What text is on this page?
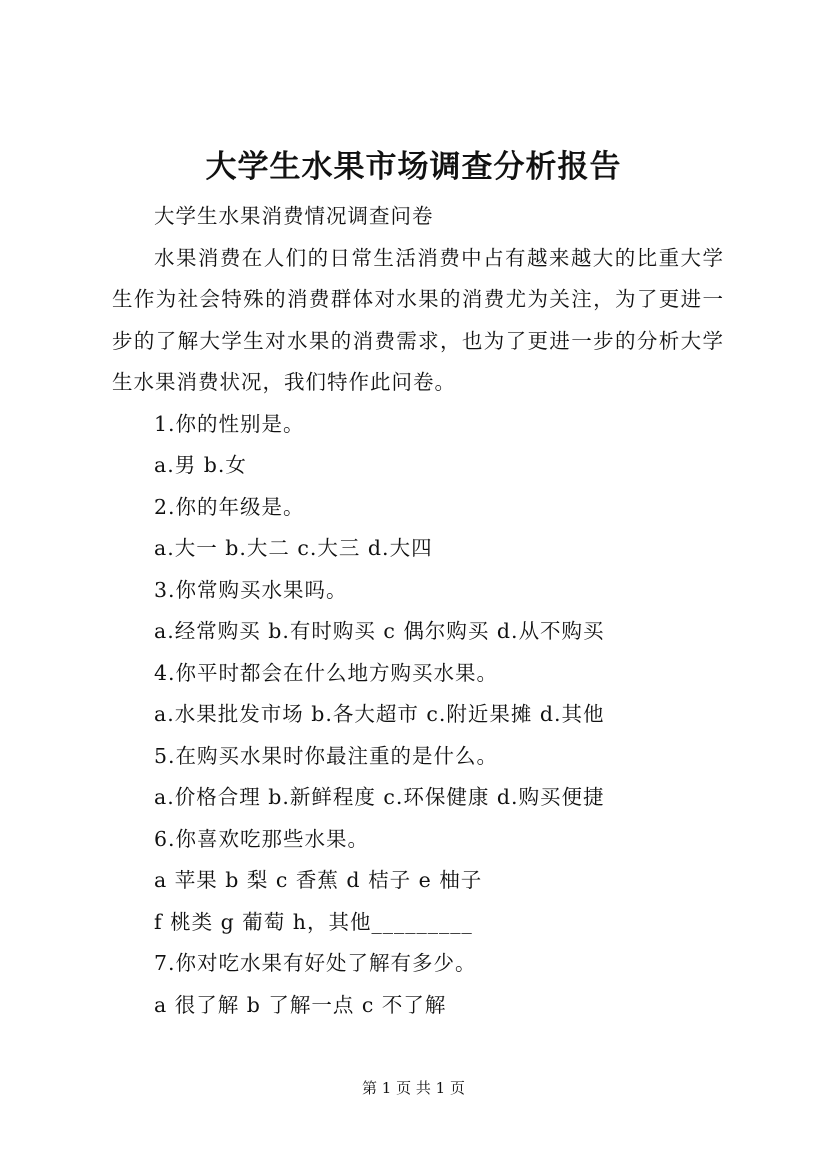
大学生水果市场调查分析报告

大学生水果消费情况调查问卷

水果消费在人们的日常生活消费中占有越来越大的比重大学生作为社会特殊的消费群体对水果的消费尤为关注，为了更进一步的了解大学生对水果的消费需求，也为了更进一步的分析大学生水果消费状况，我们特作此问卷。

1.你的性别是。

a.男 b.女

2.你的年级是。

a.大一 b.大二 c.大三 d.大四

3.你常购买水果吗。

a.经常购买 b.有时购买 c 偶尔购买 d.从不购买

4.你平时都会在什么地方购买水果。

a.水果批发市场 b.各大超市 c.附近果摊 d.其他

5.在购买水果时你最注重的是什么。

a.价格合理 b.新鲜程度 c.环保健康 d.购买便捷

6.你喜欢吃那些水果。

a 苹果 b 梨 c 香蕉 d 桔子 e 柚子

f 桃类 g 葡萄 h，其他_________

7.你对吃水果有好处了解有多少。

a 很了解 b 了解一点 c 不了解

第 1 页 共 1 页
